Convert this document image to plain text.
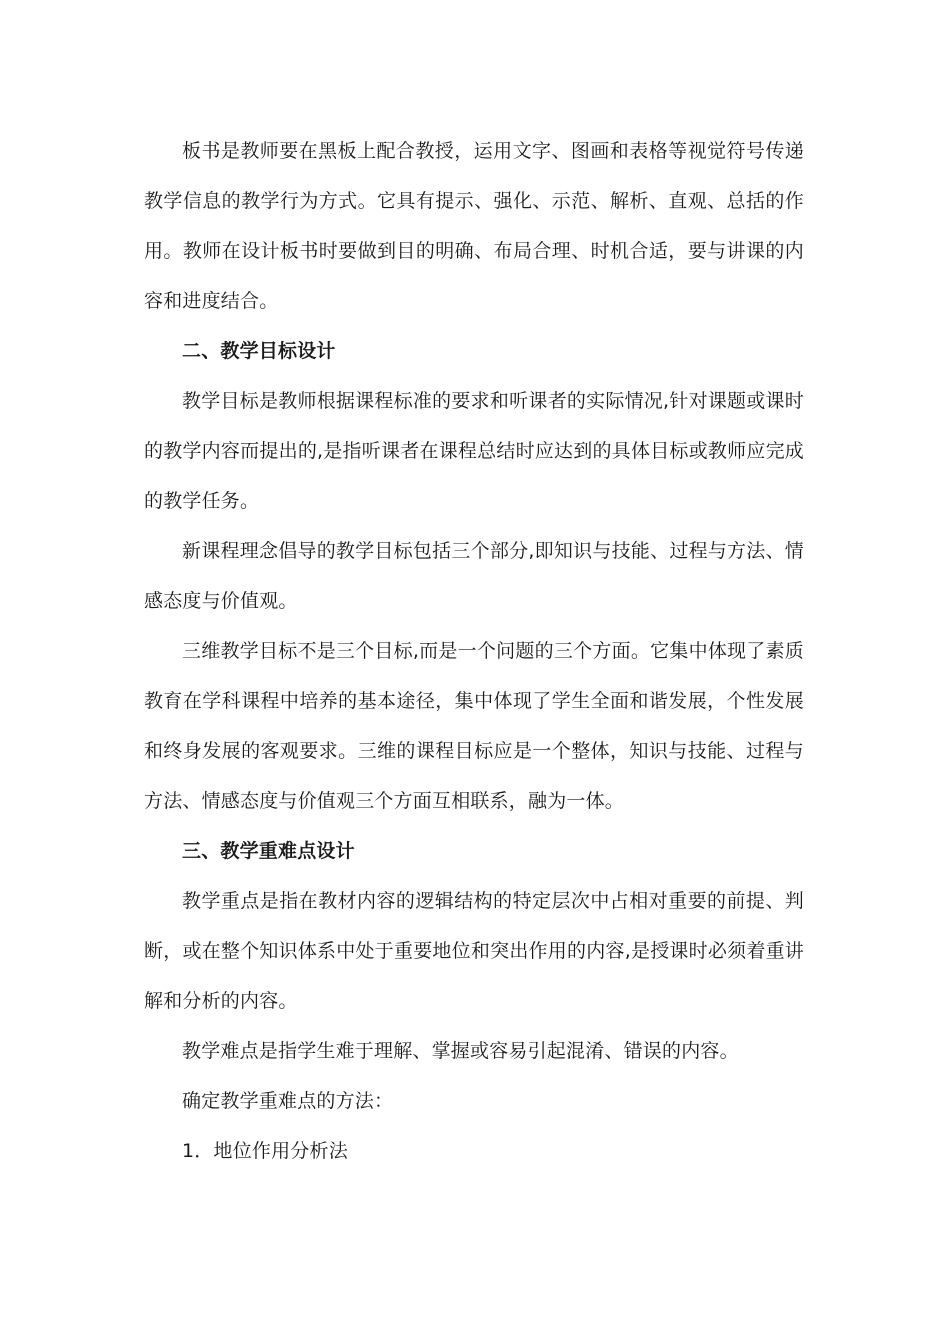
板书是教师要在黑板上配合教授，运用文字、图画和表格等视觉符号传递教学信息的教学行为方式。它具有提示、强化、示范、解析、直观、总括的作用。教师在设计板书时要做到目的明确、布局合理、时机合适，要与讲课的内容和进度结合。

二、教学目标设计

教学目标是教师根据课程标准的要求和听课者的实际情况,针对课题或课时的教学内容而提出的,是指听课者在课程总结时应达到的具体目标或教师应完成的教学任务。

新课程理念倡导的教学目标包括三个部分,即知识与技能、过程与方法、情感态度与价值观。

三维教学目标不是三个目标,而是一个问题的三个方面。它集中体现了素质教育在学科课程中培养的基本途径，集中体现了学生全面和谐发展，个性发展和终身发展的客观要求。三维的课程目标应是一个整体，知识与技能、过程与方法、情感态度与价值观三个方面互相联系，融为一体。

三、教学重难点设计

教学重点是指在教材内容的逻辑结构的特定层次中占相对重要的前提、判断，或在整个知识体系中处于重要地位和突出作用的内容,是授课时必须着重讲解和分析的内容。

教学难点是指学生难于理解、掌握或容易引起混淆、错误的内容。

确定教学重难点的方法：

1．地位作用分析法
